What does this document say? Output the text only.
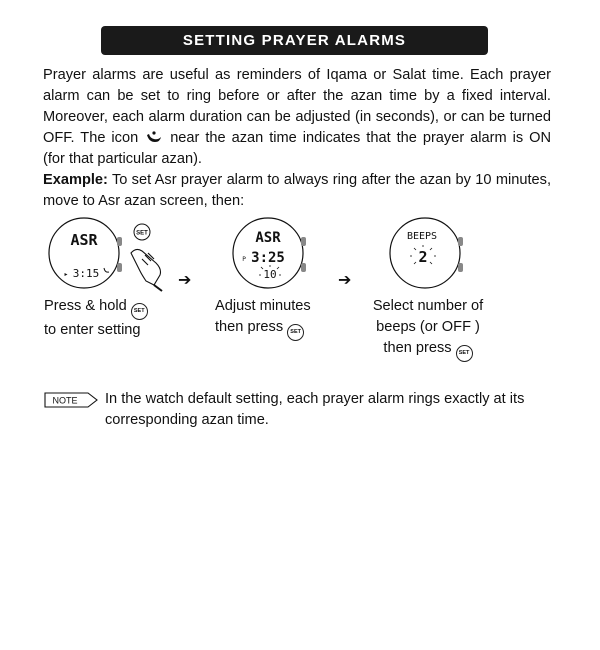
SETTING PRAYER ALARMS

Prayer alarms are useful as reminders of Iqama or Salat time. Each prayer alarm can be set to ring before or after the azan time by a fixed interval. Moreover, each alarm duration can be adjusted (in seconds), or can be turned OFF. The icon near the azan time indicates that the prayer alarm is ON (for that particular azan).

Example: To set Asr prayer alarm to always ring after the azan by 10 minutes, move to Asr azan screen, then:

ASR
▸ 3:15
SET
➔
ASR
P 3:25
10	➔
BEEPS
2
Press & hold SET
to enter setting
Adjust minutes
then press SET
Select number of
beeps (or OFF )
then press SET
NOTE In the watch default setting, each prayer alarm rings exactly at its corresponding azan time.
